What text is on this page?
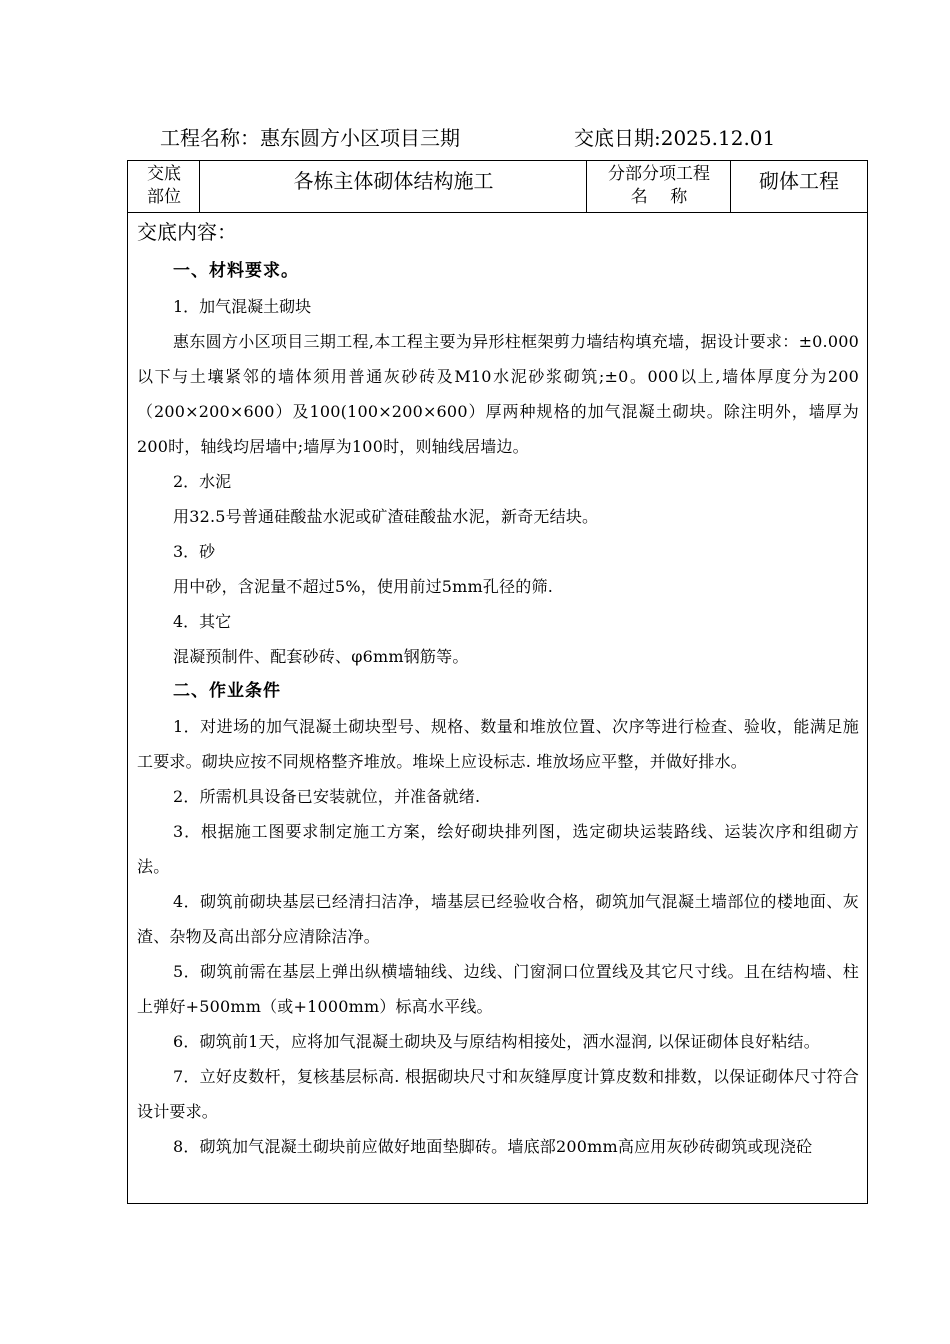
工程名称：惠东圆方小区项目三期	交底日期:2025.12.01
交底
部位
各栋主体砌体结构施工	分部分项工程
名　 称
砌体工程
交底内容：
一、材料要求。
1．加气混凝土砌块
惠东圆方小区项目三期工程,本工程主要为异形柱框架剪力墙结构填充墙，据设计要求：±0.000以下与土壤紧邻的墙体须用普通灰砂砖及M10水泥砂浆砌筑;±0。000以上,墙体厚度分为200（200×200×600）及100(100×200×600）厚两种规格的加气混凝土砌块。除注明外，墙厚为200时，轴线均居墙中;墙厚为100时，则轴线居墙边。
2．水泥
用32.5号普通硅酸盐水泥或矿渣硅酸盐水泥，新奇无结块。
3．砂
用中砂，含泥量不超过5%，使用前过5mm孔径的筛.
4．其它
混凝预制件、配套砂砖、φ6mm钢筋等。
二、作业条件
1．对进场的加气混凝土砌块型号、规格、数量和堆放位置、次序等进行检查、验收，能满足施工要求。砌块应按不同规格整齐堆放。堆垛上应设标志. 堆放场应平整，并做好排水。
2．所需机具设备已安装就位，并准备就绪.
3．根据施工图要求制定施工方案，绘好砌块排列图，选定砌块运装路线、运装次序和组砌方法。
4．砌筑前砌块基层已经清扫洁净，墙基层已经验收合格，砌筑加气混凝土墙部位的楼地面、灰渣、杂物及高出部分应清除洁净。
5．砌筑前需在基层上弹出纵横墙轴线、边线、门窗洞口位置线及其它尺寸线。且在结构墙、柱上弹好+500mm（或+1000mm）标高水平线。
6．砌筑前1天，应将加气混凝土砌块及与原结构相接处，洒水湿润, 以保证砌体良好粘结。
7．立好皮数杆，复核基层标高. 根据砌块尺寸和灰缝厚度计算皮数和排数，以保证砌体尺寸符合设计要求。
8．砌筑加气混凝土砌块前应做好地面垫脚砖。墙底部200mm高应用灰砂砖砌筑或现浇砼
